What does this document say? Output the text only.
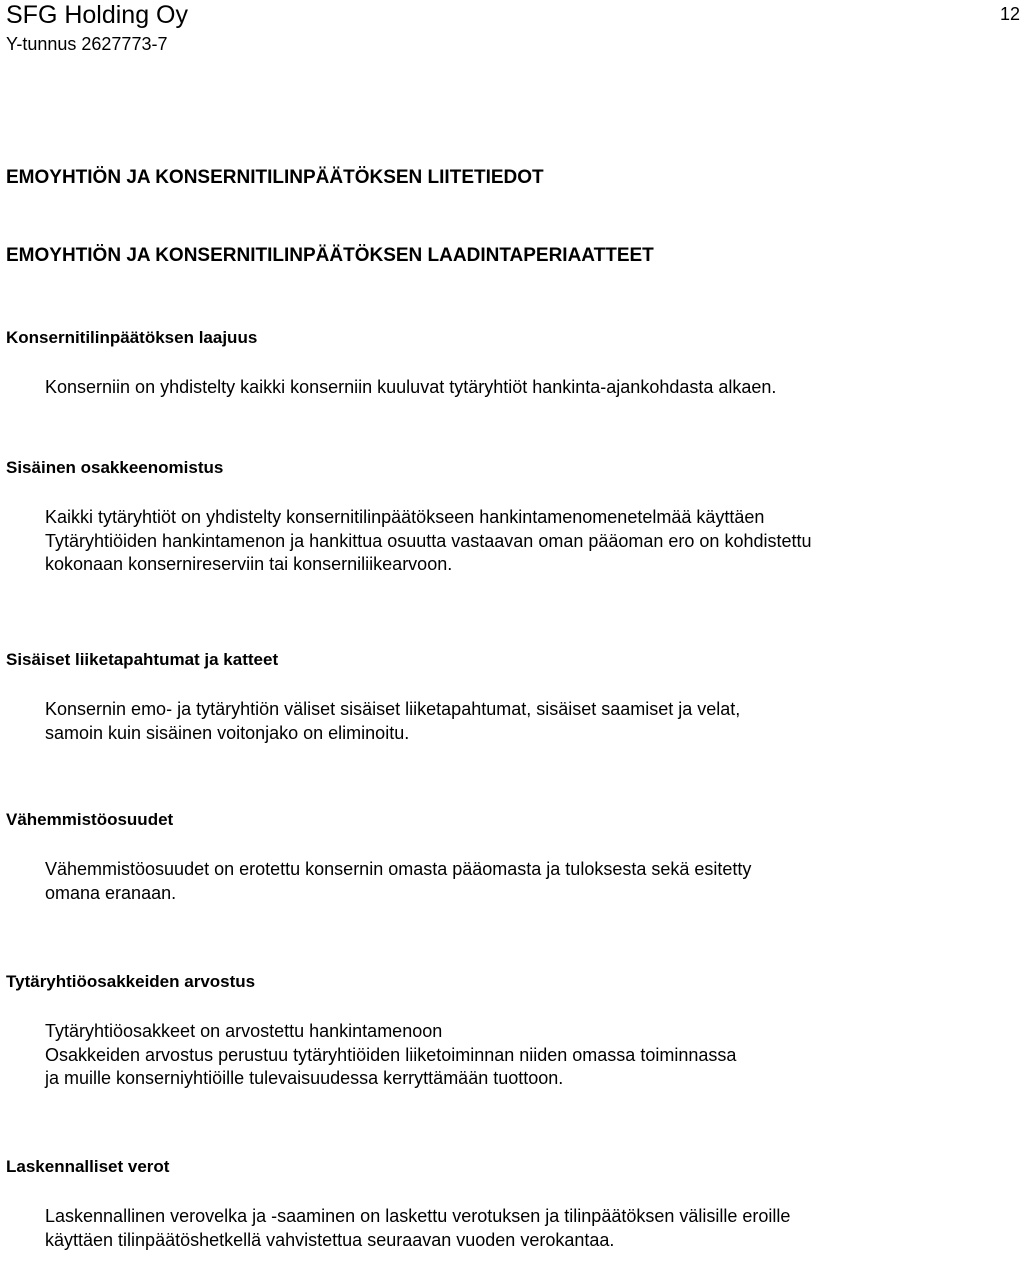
SFG Holding Oy
Y-tunnus 2627773-7
12
EMOYHTIÖN JA KONSERNITILINPÄÄTÖKSEN LIITETIEDOT
EMOYHTIÖN JA KONSERNITILINPÄÄTÖKSEN LAADINTAPERIAATTEET
Konsernitilinpäätöksen laajuus
Konserniin on yhdistelty kaikki konserniin kuuluvat tytäryhtiöt hankinta-ajankohdasta alkaen.
Sisäinen osakkeenomistus
Kaikki tytäryhtiöt on yhdistelty konsernitilinpäätökseen hankintamenomenetelmää käyttäen
Tytäryhtiöiden hankintamenon ja hankittua osuutta vastaavan oman pääoman ero on kohdistettu
kokonaan konsernireserviin tai konserniliikearvoon.
Sisäiset liiketapahtumat ja katteet
Konsernin emo- ja tytäryhtiön väliset sisäiset liiketapahtumat, sisäiset saamiset ja velat,
samoin kuin sisäinen voitonjako on eliminoitu.
Vähemmistöosuudet
Vähemmistöosuudet on erotettu konsernin omasta pääomasta ja tuloksesta sekä esitetty
omana eranaan.
Tytäryhtiöosakkeiden arvostus
Tytäryhtiöosakkeet on arvostettu hankintamenoon
Osakkeiden arvostus perustuu tytäryhtiöiden liiketoiminnan niiden omassa toiminnassa
ja muille konserniyhtiöille tulevaisuudessa kerryttämään tuottoon.
Laskennalliset verot
Laskennallinen verovelka ja -saaminen on laskettu verotuksen ja tilinpäätöksen välisille eroille
käyttäen tilinpäätöshetkellä vahvistettua seuraavan vuoden verokantaa.
